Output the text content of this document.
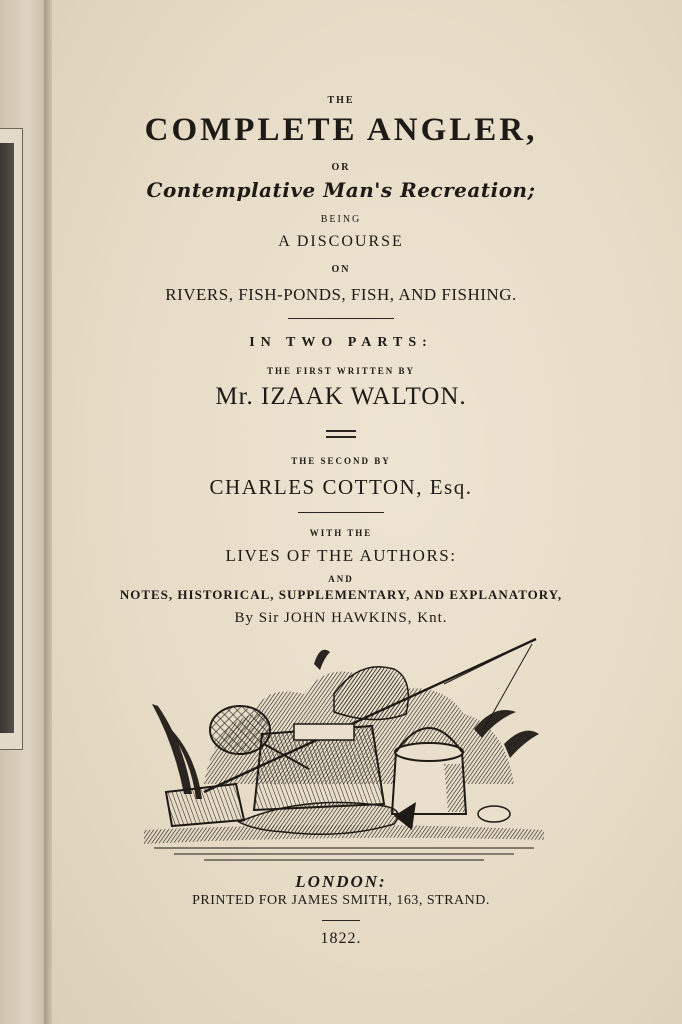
THE
COMPLETE ANGLER,
OR
Contemplative Man's Recreation;
BEING
A DISCOURSE
ON
RIVERS, FISH-PONDS, FISH, AND FISHING.
IN TWO PARTS:
THE FIRST WRITTEN BY
Mr. IZAAK WALTON.
THE SECOND BY
CHARLES COTTON, Esq.
WITH THE
LIVES OF THE AUTHORS:
AND
NOTES, HISTORICAL, SUPPLEMENTARY, AND EXPLANATORY,
By Sir JOHN HAWKINS, Knt.
LONDON:
PRINTED FOR JAMES SMITH, 163, STRAND.
1822.
